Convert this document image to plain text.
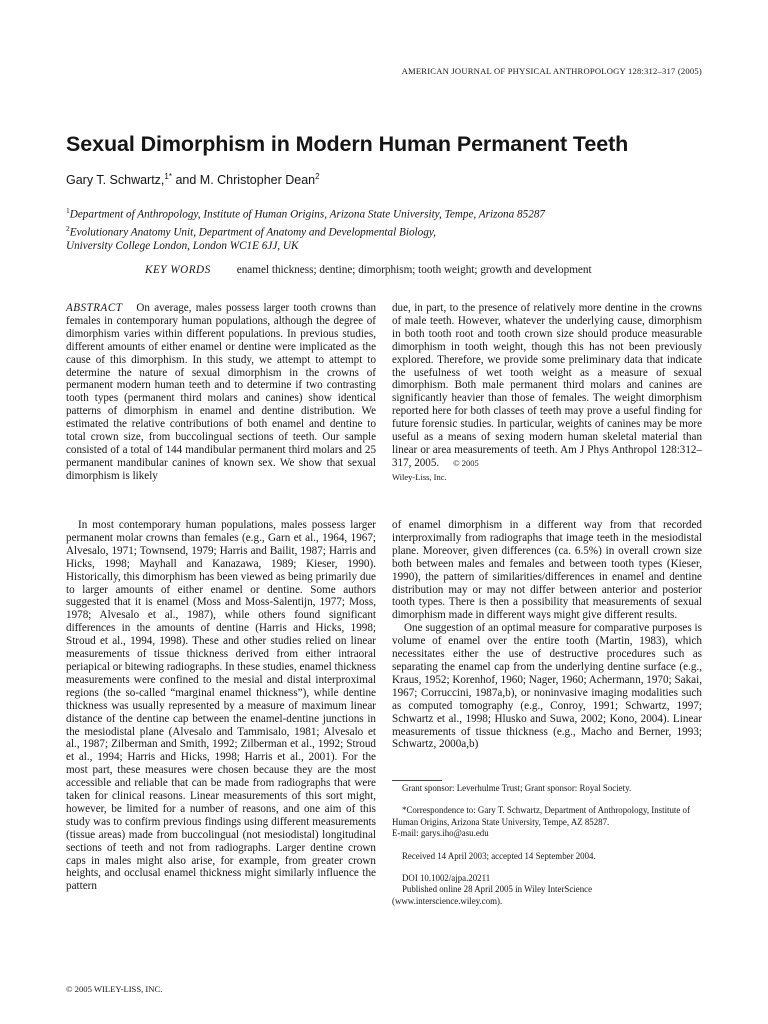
AMERICAN JOURNAL OF PHYSICAL ANTHROPOLOGY 128:312–317 (2005)
Sexual Dimorphism in Modern Human Permanent Teeth
Gary T. Schwartz,$^{1*}$ and M. Christopher Dean$^2$

$^1$Department of Anthropology, Institute of Human Origins, Arizona State University, Tempe, Arizona 85287

$^2$Evolutionary Anatomy Unit, Department of Anatomy and Developmental Biology,

University College London, London WC1E 6JJ, UK

KEY WORDS enamel thickness; dentine; dimorphism; tooth weight; growth and development

ABSTRACT On average, males possess larger tooth crowns than females in contemporary human populations, although the degree of dimorphism varies within different populations. In previous studies, different amounts of either enamel or dentine were implicated as the cause of this dimorphism. In this study, we attempt to attempt to determine the nature of sexual dimorphism in the crowns of permanent modern human teeth and to determine if two contrasting tooth types (permanent third molars and canines) show identical patterns of dimorphism in enamel and dentine distribution. We estimated the relative contributions of both enamel and dentine to total crown size, from buccolingual sections of teeth. Our sample consisted of a total of 144 mandibular permanent third molars and 25 permanent mandibular canines of known sex. We show that sexual dimorphism is likely

due, in part, to the presence of relatively more dentine in the crowns of male teeth. However, whatever the underlying cause, dimorphism in both tooth root and tooth crown size should produce measurable dimorphism in tooth weight, though this has not been previously explored. Therefore, we provide some preliminary data that indicate the usefulness of wet tooth weight as a measure of sexual dimorphism. Both male permanent third molars and canines are significantly heavier than those of females. The weight dimorphism reported here for both classes of teeth may prove a useful finding for future forensic studies. In particular, weights of canines may be more useful as a means of sexing modern human skeletal material than linear or area measurements of teeth. Am J Phys Anthropol 128:312–317, 2005. © 2005
Wiley-Liss, Inc.

In most contemporary human populations, males possess larger permanent molar crowns than females (e.g., Garn et al., 1964, 1967; Alvesalo, 1971; Townsend, 1979; Harris and Bailit, 1987; Harris and Hicks, 1998; Mayhall and Kanazawa, 1989; Kieser, 1990). Historically, this dimorphism has been viewed as being primarily due to larger amounts of either enamel or dentine. Some authors suggested that it is enamel (Moss and Moss-Salentijn, 1977; Moss, 1978; Alvesalo et al., 1987), while others found significant differences in the amounts of dentine (Harris and Hicks, 1998; Stroud et al., 1994, 1998). These and other studies relied on linear measurements of tissue thickness derived from either intraoral periapical or bitewing radiographs. In these studies, enamel thickness measurements were confined to the mesial and distal interproximal regions (the so-called “marginal enamel thickness”), while dentine thickness was usually represented by a measure of maximum linear distance of the dentine cap between the enamel-dentine junctions in the mesiodistal plane (Alvesalo and Tammisalo, 1981; Alvesalo et al., 1987; Zilberman and Smith, 1992; Zilberman et al., 1992; Stroud et al., 1994; Harris and Hicks, 1998; Harris et al., 2001). For the most part, these measures were chosen because they are the most accessible and reliable that can be made from radiographs that were taken for clinical reasons. Linear measurements of this sort might, however, be limited for a number of reasons, and one aim of this study was to confirm previous findings using different measurements (tissue areas) made from buccolingual (not mesiodistal) longitudinal sections of teeth and not from radiographs. Larger dentine crown caps in males might also arise, for example, from greater crown heights, and occlusal enamel thickness might similarly influence the pattern

of enamel dimorphism in a different way from that recorded interproximally from radiographs that image teeth in the mesiodistal plane. Moreover, given differences (ca. 6.5%) in overall crown size both between males and females and between tooth types (Kieser, 1990), the pattern of similarities/differences in enamel and dentine distribution may or may not differ between anterior and posterior tooth types. There is then a possibility that measurements of sexual dimorphism made in different ways might give different results.

One suggestion of an optimal measure for comparative purposes is volume of enamel over the entire tooth (Martin, 1983), which necessitates either the use of destructive procedures such as separating the enamel cap from the underlying dentine surface (e.g., Kraus, 1952; Korenhof, 1960; Nager, 1960; Achermann, 1970; Sakai, 1967; Corruccini, 1987a,b), or noninvasive imaging modalities such as computed tomography (e.g., Conroy, 1991; Schwartz, 1997; Schwartz et al., 1998; Hlusko and Suwa, 2002; Kono, 2004). Linear measurements of tissue thickness (e.g., Macho and Berner, 1993; Schwartz, 2000a,b)

Grant sponsor: Leverhulme Trust; Grant sponsor: Royal Society.

*Correspondence to: Gary T. Schwartz, Department of Anthropology, Institute of Human Origins, Arizona State University, Tempe, AZ 85287.

E-mail: garys.iho@asu.edu

Received 14 April 2003; accepted 14 September 2004.

DOI 10.1002/ajpa.20211

Published online 28 April 2005 in Wiley InterScience

(www.interscience.wiley.com).

© 2005 WILEY-LISS, INC.
